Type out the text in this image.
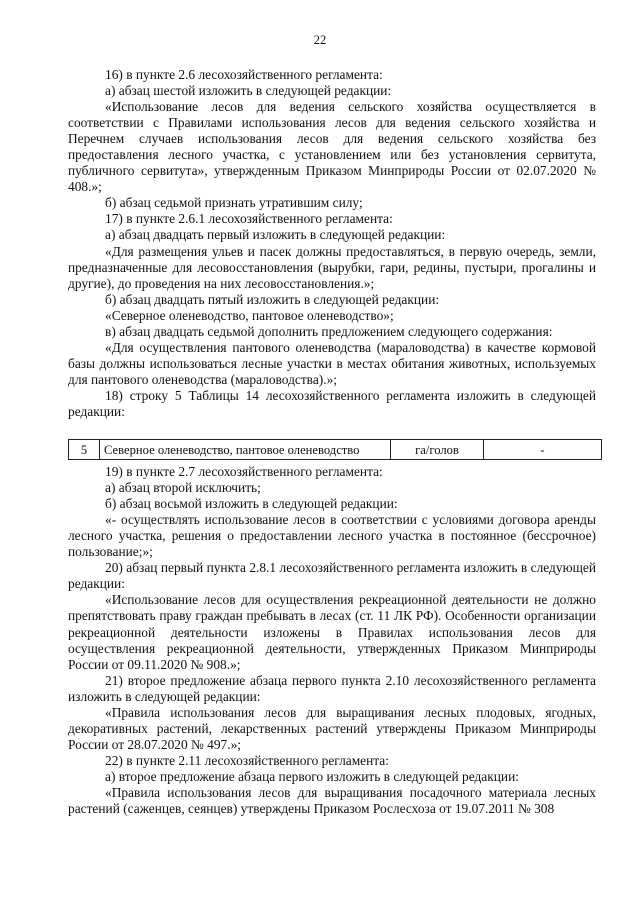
22

16) в пункте 2.6 лесохозяйственного регламента:

а) абзац шестой изложить в следующей редакции:

«Использование лесов для ведения сельского хозяйства осуществляется в соответствии с Правилами использования лесов для ведения сельского хозяйства и Перечнем случаев использования лесов для ведения сельского хозяйства без предоставления лесного участка, с установлением или без установления сервитута, публичного сервитута», утвержденным Приказом Минприроды России от 02.07.2020 № 408.»;

б) абзац седьмой признать утратившим силу;

17) в пункте 2.6.1 лесохозяйственного регламента:

а) абзац двадцать первый изложить в следующей редакции:

«Для размещения ульев и пасек должны предоставляться, в первую очередь, земли, предназначенные для лесовосстановления (вырубки, гари, редины, пустыри, прогалины и другие), до проведения на них лесовосстановления.»;

б) абзац двадцать пятый изложить в следующей редакции:

«Северное оленеводство, пантовое оленеводство»;

в) абзац двадцать седьмой дополнить предложением следующего содержания:

«Для осуществления пантового оленеводства (мараловодства) в качестве кормовой базы должны использоваться лесные участки в местах обитания животных, используемых для пантового оленеводства (мараловодства).»;

18) строку 5 Таблицы 14 лесохозяйственного регламента изложить в следующей редакции:

5	Северное оленеводство, пантовое оленеводство	га/голов	-

19) в пункте 2.7 лесохозяйственного регламента:

а) абзац второй исключить;

б) абзац восьмой изложить в следующей редакции:

«- осуществлять использование лесов в соответствии с условиями договора аренды лесного участка, решения о предоставлении лесного участка в постоянное (бессрочное) пользование;»;

20) абзац первый пункта 2.8.1 лесохозяйственного регламента изложить в следующей редакции:

«Использование лесов для осуществления рекреационной деятельности не должно препятствовать праву граждан пребывать в лесах (ст. 11 ЛК РФ). Особенности организации рекреационной деятельности изложены в Правилах использования лесов для осуществления рекреационной деятельности, утвержденных Приказом Минприроды России от 09.11.2020 № 908.»;

21) второе предложение абзаца первого пункта 2.10 лесохозяйственного регламента изложить в следующей редакции:

«Правила использования лесов для выращивания лесных плодовых, ягодных, декоративных растений, лекарственных растений утверждены Приказом Минприроды России от 28.07.2020 № 497.»;

22) в пункте 2.11 лесохозяйственного регламента:

а) второе предложение абзаца первого изложить в следующей редакции:

«Правила использования лесов для выращивания посадочного материала лесных растений (саженцев, сеянцев) утверждены Приказом Рослесхоза от 19.07.2011 № 308
